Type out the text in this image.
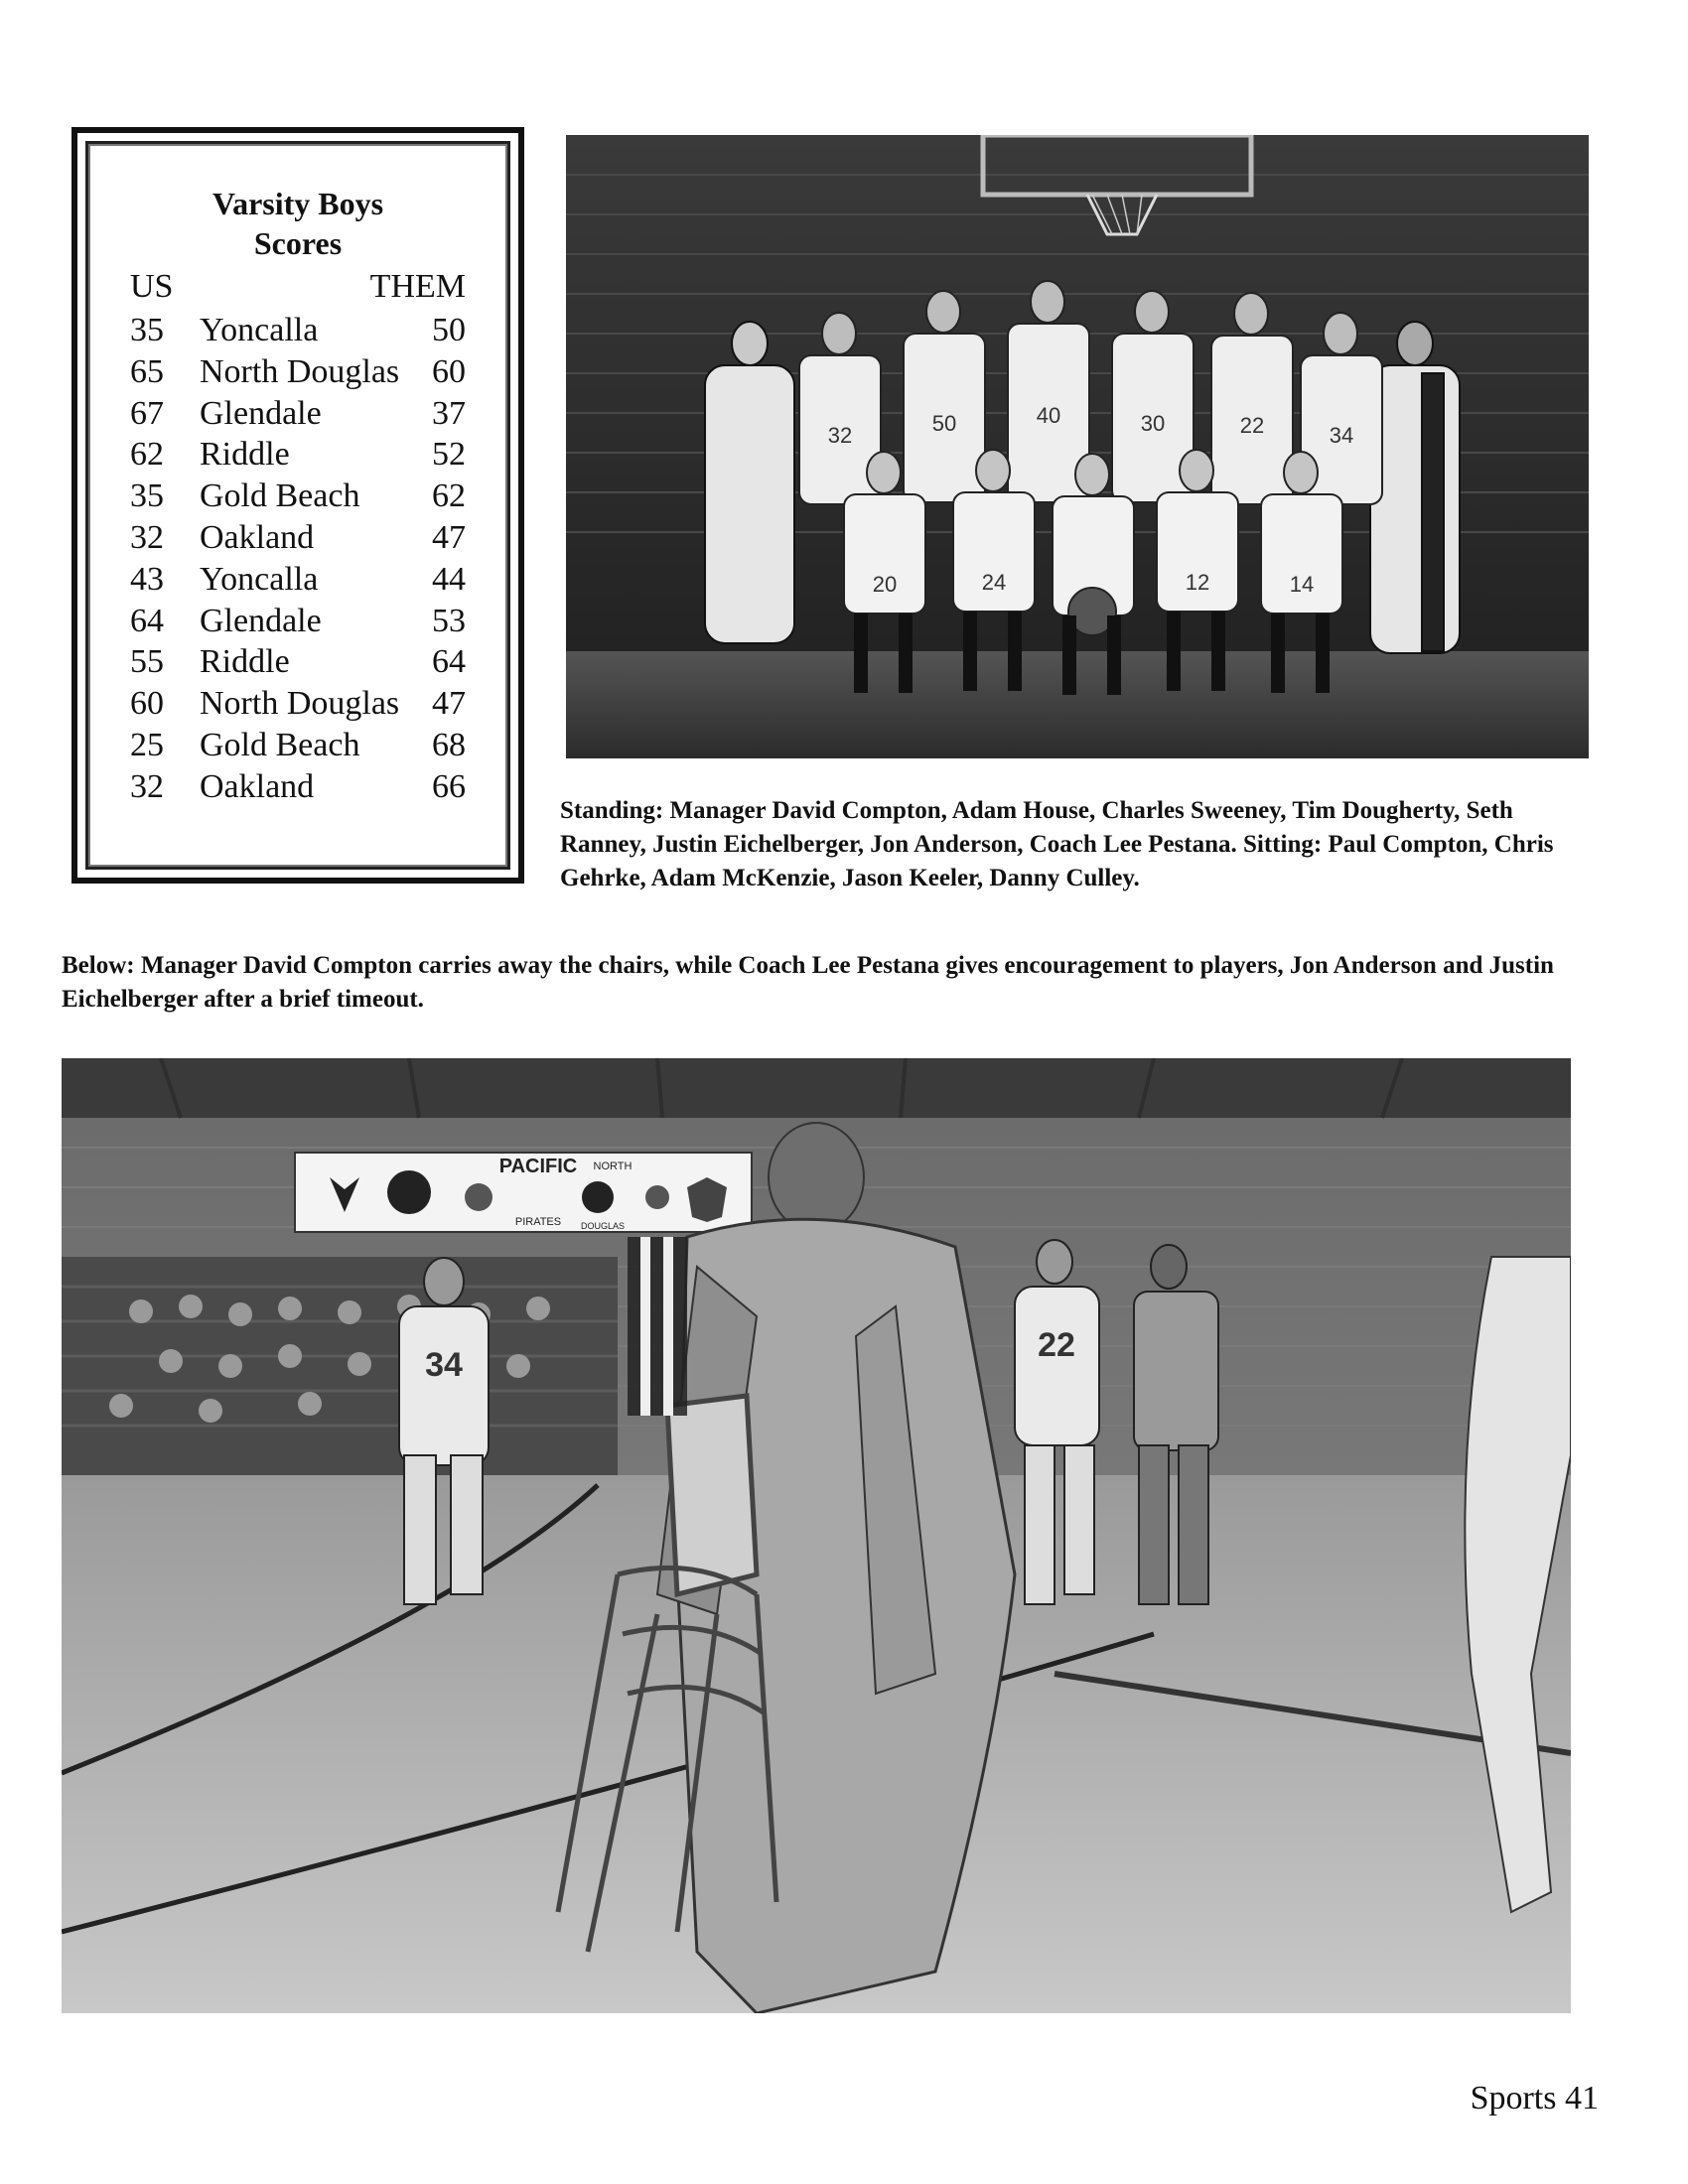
Varsity Boys
Scores
US	THEM
35 Yoncalla	50
65 North Douglas 60
67 Glendale	37
62 Riddle	52
35 Gold Beach 62
32 Oakland	47
43 Yoncalla	44
64 Glendale	53
55 Riddle	64
60 North Douglas 47
25 Gold Beach 68
32 Oakland	66
32	50	40	30	22	34
20	24	12	14
Standing: Manager David Compton, Adam House, Charles Sweeney, Tim Dougherty, Seth Ranney, Justin Eichelberger, Jon Anderson, Coach Lee Pestana. Sitting: Paul Compton, Chris Gehrke, Adam McKenzie, Jason Keeler, Danny Culley.
Below: Manager David Compton carries away the chairs, while Coach Lee Pestana gives encouragement to players, Jon Anderson and Justin Eichelberger after a brief timeout.
PACIFIC
PIRATES
NORTH
DOUGLAS
34
22
Sports 41
